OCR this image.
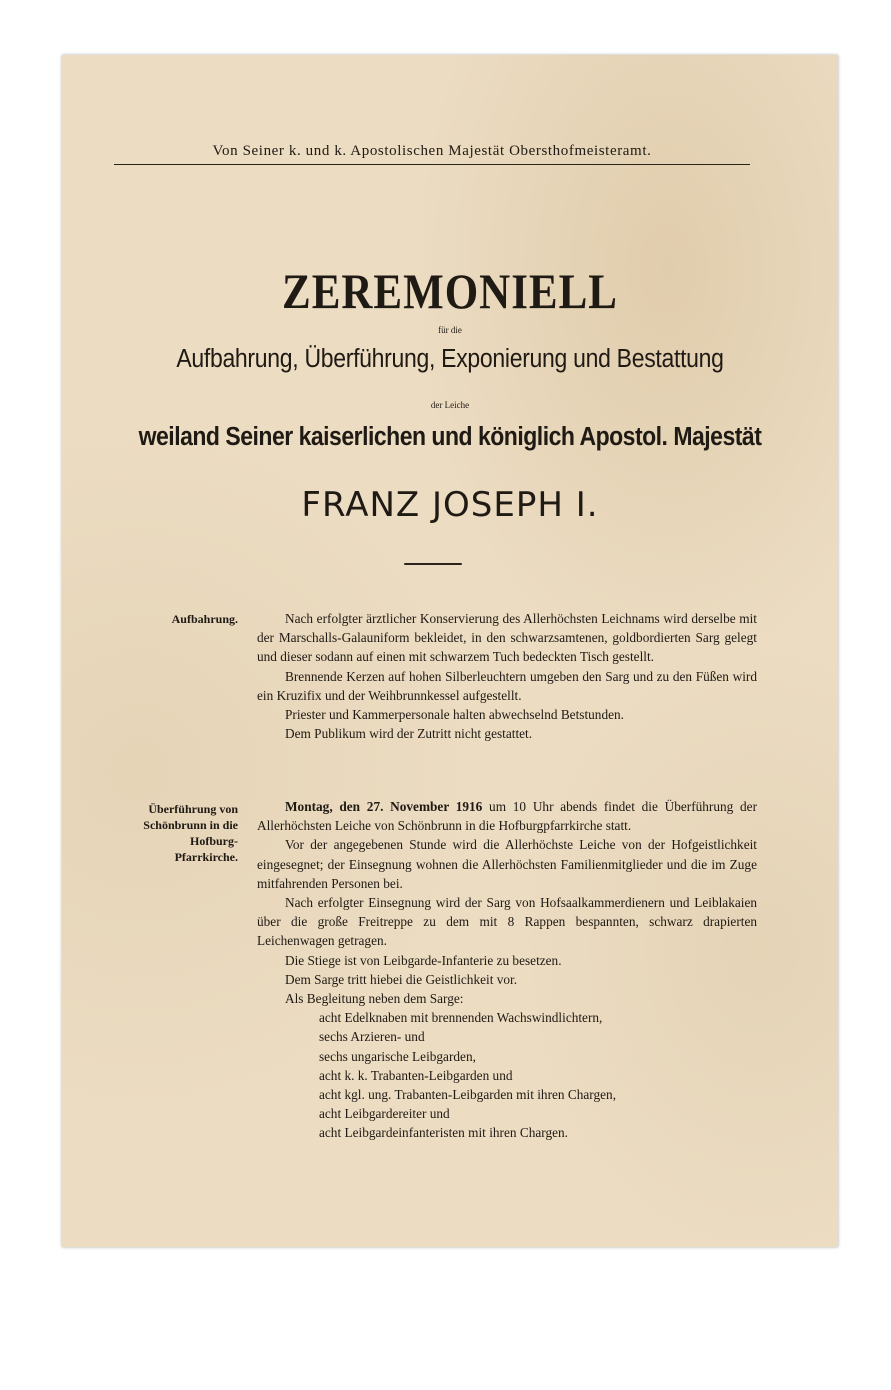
Von Seiner k. und k. Apostolischen Majestät Obersthofmeisteramt.
ZEREMONIELL
für die
Aufbahrung, Überführung, Exponierung und Bestattung
der Leiche
weiland Seiner kaiserlichen und königlich Apostol. Majestät
FRANZ JOSEPH I.
Aufbahrung.	Nach erfolgter ärztlicher Konservierung des Allerhöchsten Leichnams wird derselbe mit der Marschalls-Galauniform bekleidet, in den schwarzsamtenen, goldbordierten Sarg gelegt und dieser sodann auf einen mit schwarzem Tuch bedeckten Tisch gestellt.

Brennende Kerzen auf hohen Silberleuchtern umgeben den Sarg und zu den Füßen wird ein Kruzifix und der Weihbrunnkessel aufgestellt.

Priester und Kammerpersonale halten abwechselnd Betstunden.

Dem Publikum wird der Zutritt nicht gestattet.

Überführung von Schönbrunn in die Hofburg-Pfarrkirche.

Montag, den 27. November 1916 um 10 Uhr abends findet die Überführung der Allerhöchsten Leiche von Schönbrunn in die Hofburgpfarrkirche statt.

Vor der angegebenen Stunde wird die Allerhöchste Leiche von der Hofgeistlichkeit eingesegnet; der Einsegnung wohnen die Allerhöchsten Familienmitglieder und die im Zuge mitfahrenden Personen bei.

Nach erfolgter Einsegnung wird der Sarg von Hofsaalkammerdienern und Leiblakaien über die große Freitreppe zu dem mit 8 Rappen bespannten, schwarz drapierten Leichenwagen getragen.

Die Stiege ist von Leibgarde-Infanterie zu besetzen.

Dem Sarge tritt hiebei die Geistlichkeit vor.

Als Begleitung neben dem Sarge:

acht Edelknaben mit brennenden Wachswindlichtern,

sechs Arzieren- und

sechs ungarische Leibgarden,

acht k. k. Trabanten-Leibgarden und

acht kgl. ung. Trabanten-Leibgarden mit ihren Chargen,

acht Leibgardereiter und

acht Leibgardeinfanteristen mit ihren Chargen.
